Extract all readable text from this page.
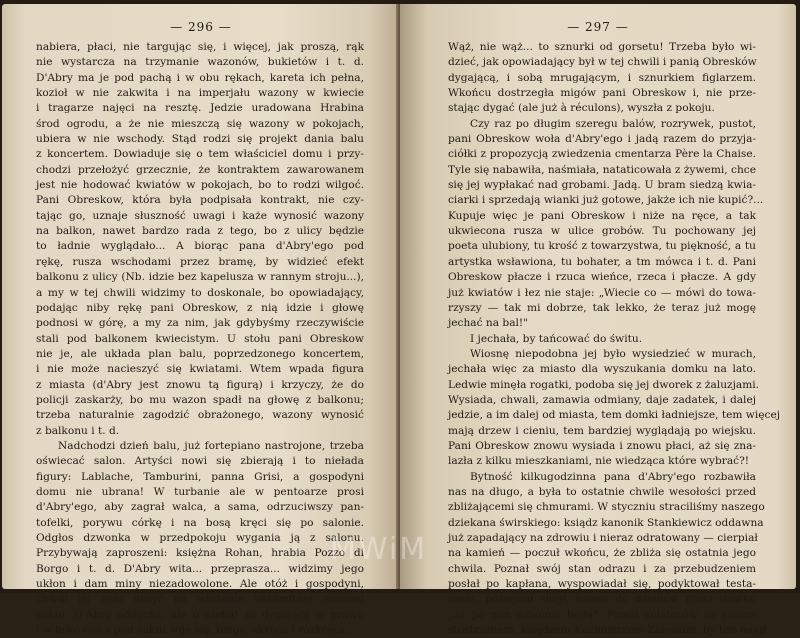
— 296 —
nabiera, płaci, nie targując się, i więcej, jak proszą, rąk
nie wystarcza na trzymanie wazonów, bukietów i t. d.
D'Abry ma je pod pachą i w obu rękach, kareta ich pełna,
kozioł w nie zakwita i na imperjału wazony w kwiecie
i tragarze najęci na resztę. Jedzie uradowana Hrabina
środ ogrodu, a że nie mieszczą się wazony w pokojach,
ubiera w nie wschody. Stąd rodzi się projekt dania balu
z koncertem. Dowiaduje się o tem właściciel domu i przy-
chodzi przełożyć grzecznie, że kontraktem zawarowanem
jest nie hodować kwiatów w pokojach, bo to rodzi wilgoć.
Pani Obreskow, która była podpisała kontrakt, nie czy-
tając go, uznaje słuszność uwagi i każe wynosić wazony
na balkon, nawet bardzo rada z tego, bo z ulicy będzie
to ładnie wyglądało... A biorąc pana d'Abry'ego pod
rękę, rusza wschodami przez bramę, by widzieć efekt
balkonu z ulicy (Nb. idzie bez kapelusza w rannym stroju...),
a my w tej chwili widzimy to doskonale, bo opowiadający,
podając niby rękę pani Obreskow, z nią idzie i głowę
podnosi w górę, a my za nim, jak gdybyśmy rzeczywiście
stali pod balkonem kwiecistym. U stołu pani Obreskow
nie je, ale układa plan balu, poprzedzonego koncertem,
i nie może nacieszyć się kwiatami. Wtem wpada figura
z miasta (d'Abry jest znowu tą figurą) i krzyczy, że do
policji zaskarży, bo mu wazon spadł na głowę z balkonu;
trzeba naturalnie zagodzić obrażonego, wazony wynosić
z balkonu i t. d.
Nadchodzi dzień balu, już fortepiano nastrojone, trzeba
oświecać salon. Artyści nowi się zbierają i to niełada
figury: Lablache, Tamburini, panna Grisi, a gospodyni
domu nie ubrana! W turbanie ale w pentoarze prosi
d'Abry'ego, aby zagrał walca, a sama, odrzuciwszy pan-
tofelki, porywu córkę i na bosą kręci się po salonie.
Odgłos dzwonka w przedpokoju wygania ją z salonu.
Przybywają zaproszeni: księżna Rohan, hrabia Pozzo di
Borgo i t. d. D'Abry wita... przeprasza... widzimy jego
ukłon i dam miny niezadowolone. Ale otóż i gospodyni,
chwili jej było dosyć na włożenie aksamitnej zielonej
sukni. D'Abry oddycha, ale o nieba! za dygającą w prawo
i w lewo coś z pod sukni wije się, biegę, skręca i rozkręca...
— 297 —
Wąż, nie wąż... to sznurki od gorsetu! Trzeba było wi-
dzieć, jak opowiadający był w tej chwili i panią Obresków
dygającą, i sobą mrugającym, i sznurkiem figlarzem.
Wkońcu dostrzegła migów pani Obreskow i, nie prze-
stając dygać (ale już à réculons), wyszła z pokoju.
Czy raz po długim szeregu balów, rozrywek, pustot,
pani Obreskow woła d'Abry'ego i jadą razem do przyja-
ciółki z propozycją zwiedzenia cmentarza Père la Chaise.
Tyle się nabawiła, naśmiała, nataticowała z żywemi, chce
się jej wypłakać nad grobami. Jadą. U bram siedzą kwia-
ciarki i sprzedają wianki już gotowe, jakże ich nie kupić?...
Kupuje więc je pani Obreskow i niże na ręce, a tak
ukwiecona rusza w ulice grobów. Tu pochowany jej
poeta ulubiony, tu krość z towarzystwa, tu piękność, a tu
artystka wsławiona, tu bohater, a tm mówca i t. d. Pani
Obreskow płacze i rzuca wieńce, rzeca i płacze. A gdy
już kwiatów i łez nie staje: „Wiecie co — mówi do towa-
rzyszy — tak mi dobrze, tak lekko, że teraz już mogę
jechać na bal!"
I jechała, by tańcować do świtu.
Wiosnę niepodobna jej było wysiedzieć w murach,
jechała więc za miasto dla wyszukania domku na lato.
Ledwie minęła rogatki, podoba się jej dworek z żaluzjami.
Wysiada, chwali, zamawia odmiany, daje zadatek, i dalej
jedzie, a im dalej od miasta, tem domki ładniejsze, tem więcej
mają drzew i cieniu, tem bardziej wyglądają po wiejsku.
Pani Obreskow znowu wysiada i znowu płaci, aż się zna-
lazła z kilku mieszkaniami, nie wiedząca które wybrać?!
Bytność kilkugodzinna pana d'Abry'ego rozbawiła
nas na długo, a była to ostatnie chwile wesołości przed
zbliżającemi się chmurami. W styczniu straciliśmy naszego
dziekana świrskiego: ksiądz kanonik Stankiewicz oddawna
już zapadający na zdrowiu i nieraz odratowany — cierpiał
na kamień — poczuł wkońcu, że zbliża się ostatnia jego
chwila. Poznał swój stan odrazu i za przebudzeniem
posłał po kapłana, wyspowiadał się, podyktował testa-
ment, pożegnał sługi, nawet do dziadów rzekł słówko
„że po nim dzwonić będą". Prosił kolatorów za swoim
stostrzanem, księdzem Kazimierzem Zaleskim, by ten mógł
MWiM
